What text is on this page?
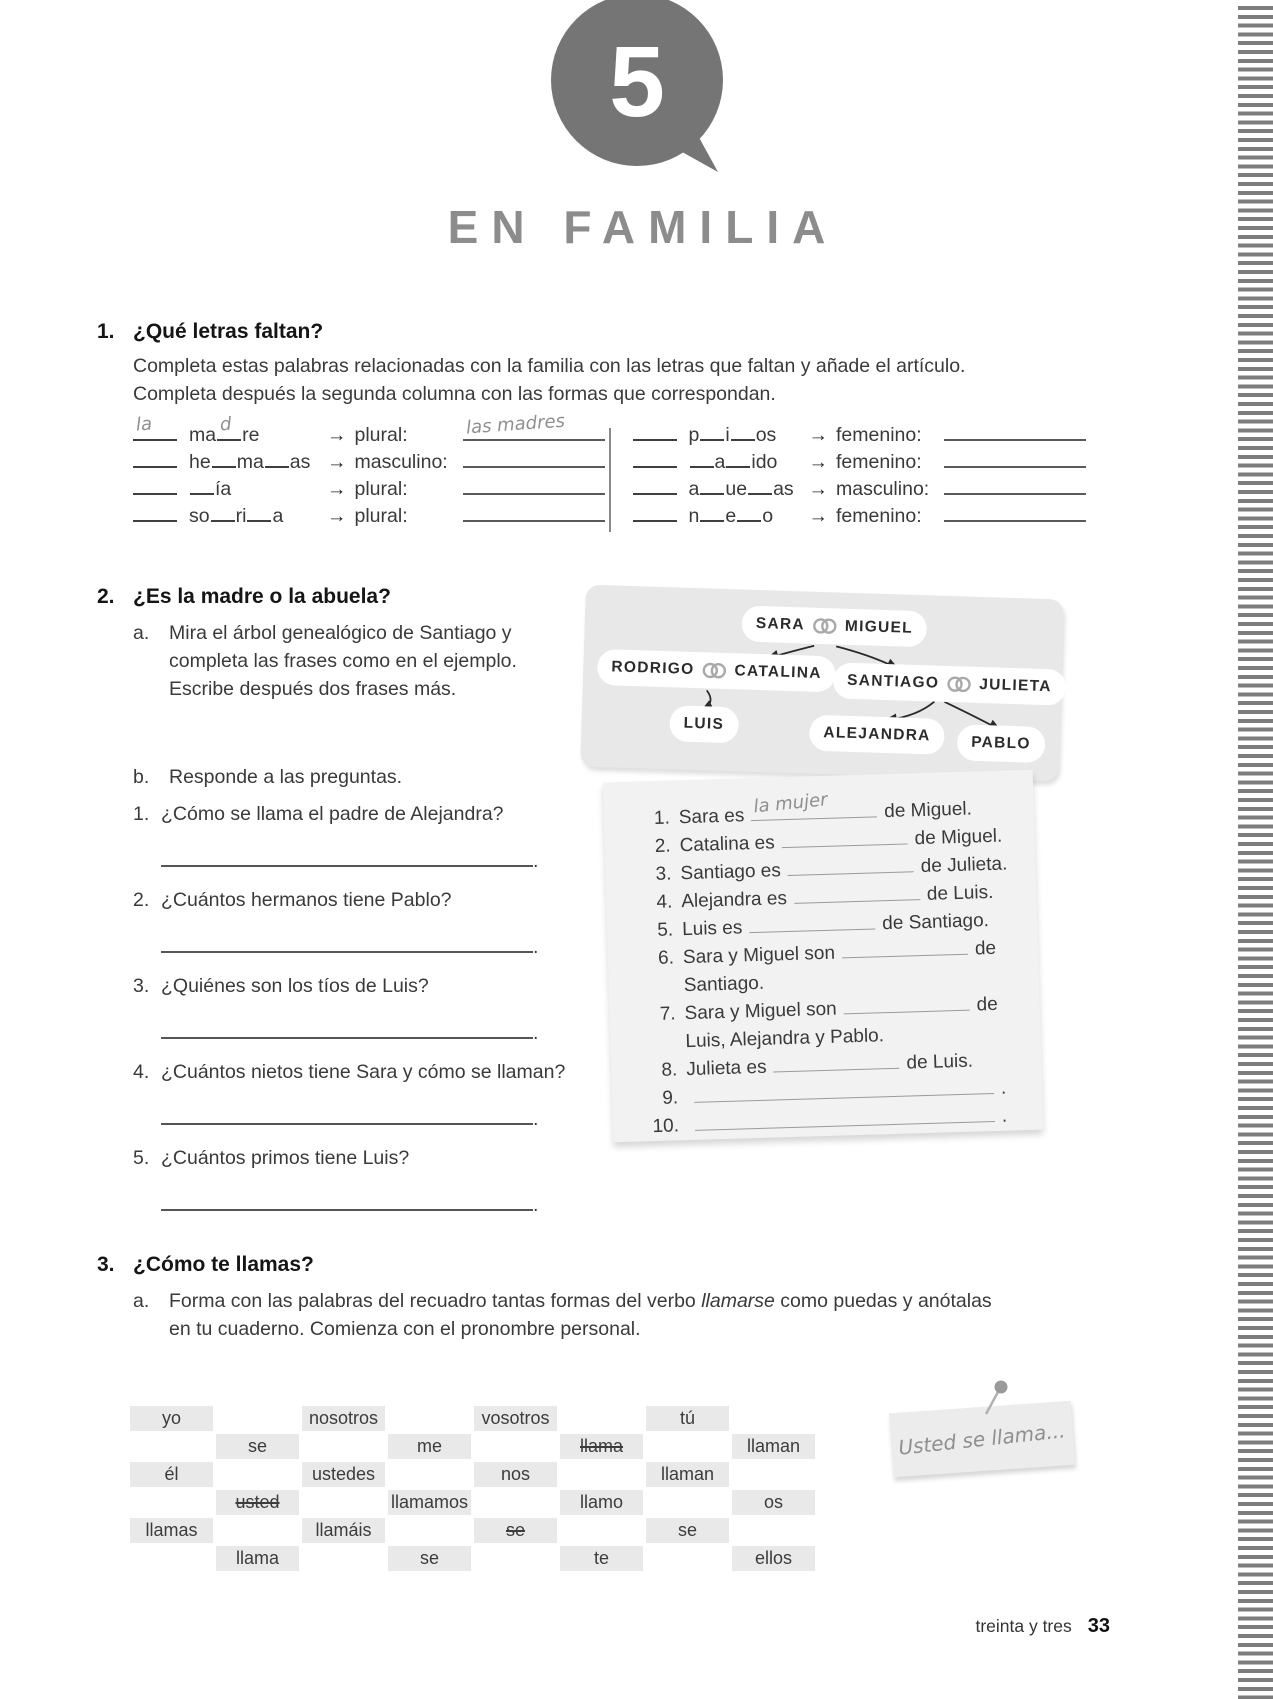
5
EN FAMILIA
1. ¿Qué letras faltan?
Completa estas palabras relacionadas con la familia con las letras que faltan y añade el artículo.
Completa después la segunda columna con las formas que correspondan.
la ma d re	→ plural:	las madres
he ma as → masculino:
ía	→ plural:
so ri a → plural:
p i os → femenino:
a ido → femenino:
a ue as → masculino:
n e o → femenino:
2. ¿Es la madre o la abuela?
a.	Mira el árbol genealógico de Santiago y completa las frases como en el ejemplo. Escribe después dos frases más.
b.	Responde a las preguntas.
1. ¿Cómo se llama el padre de Alejandra?
.
2. ¿Cuántos hermanos tiene Pablo?
.
3. ¿Quiénes son los tíos de Luis?
.
4. ¿Cuántos nietos tiene Sara y cómo se llaman?
.
5. ¿Cuántos primos tiene Luis?
.
SARA	MIGUEL
RODRIGO	CATALINA SANTIAGO	JULIETA
LUIS
ALEJANDRA	PABLO
1. Sara es la mujer	de Miguel.
2. Catalina es	de Miguel.
3. Santiago es	de Julieta.
4. Alejandra es	de Luis.
5. Luis es	de Santiago.
6. Sara y Miguel son	de Santiago.
7. Sara y Miguel son	de Luis, Alejandra y Pablo.
8. Julieta es	de Luis.
9.	.
10.	.
3. ¿Cómo te llamas?
a.	Forma con las palabras del recuadro tantas formas del verbo llamarse como puedas y anótalas en tu cuaderno. Comienza con el pronombre personal.
yo	nosotros	vosotros	tú
se	me	llama	llaman
él	ustedes	nos	llaman
usted	llamamos	llamo	os
llamas	llamáis	se	se
llama	se	te	ellos
Usted se llama...
treinta y tres 33
